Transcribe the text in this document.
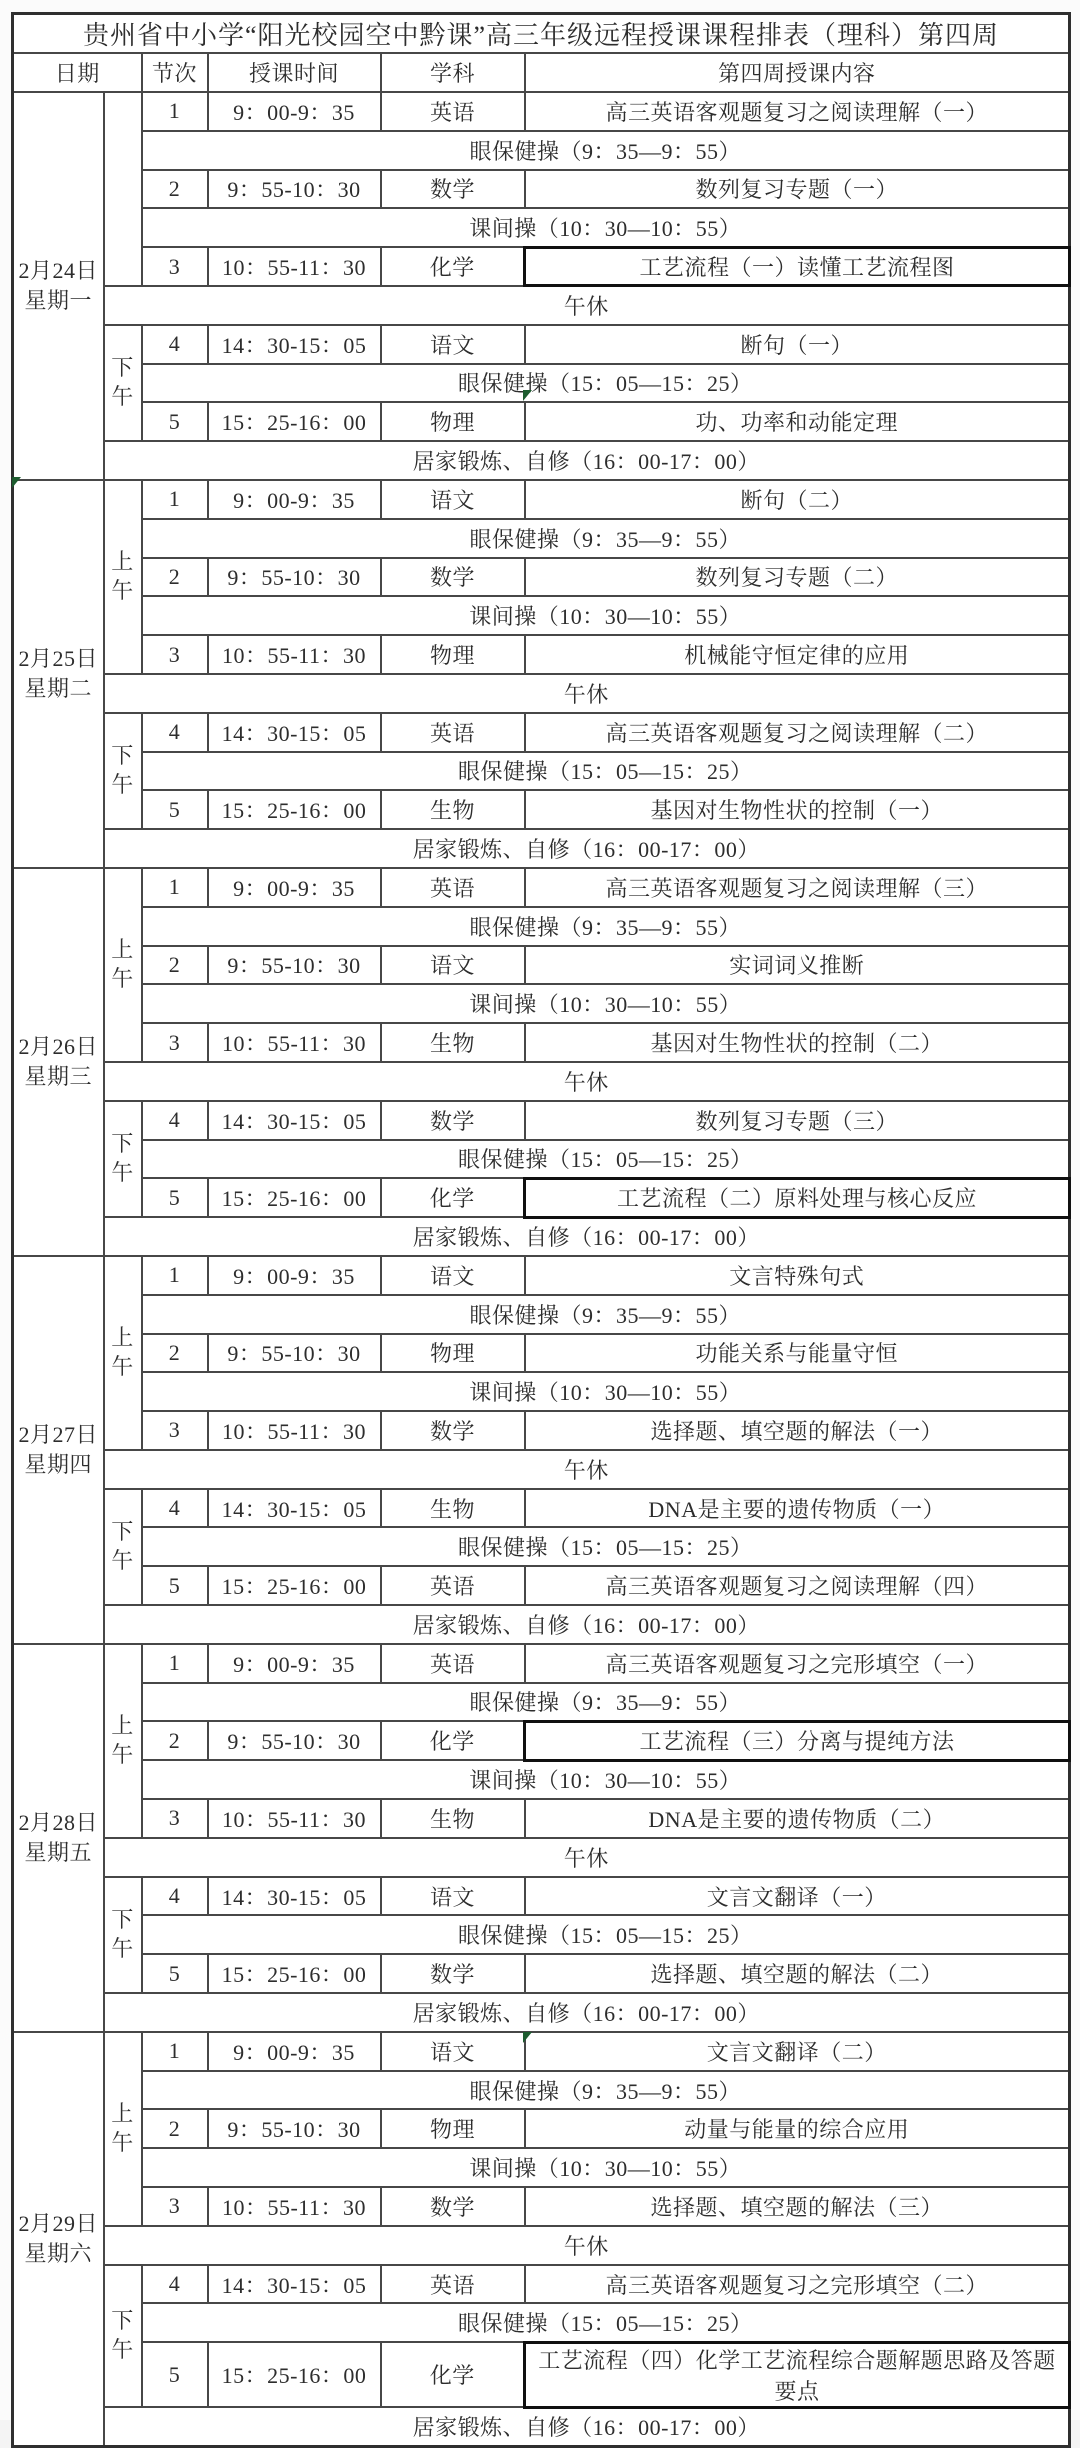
贵州省中小学“阳光校园空中黔课”高三年级远程授课课程排表（理科）第四周					
日期		节次	授课时间	学科	第四周授课内容

2月24日
星期一		1	9：00-9：35	英语	高三英语客观题复习之阅读理解（一）
		眼保健操（9：35—9：55）			
		2	9：55-10：30	数学	数列复习专题（一）
		课间操（10：30—10：55）			
		3	10：55-11：30	化学	工艺流程（一）读懂工艺流程图
	午休				
	下午	4	14：30-15：05	语文	断句（一）
		眼保健操（15：05—15：25）			
		5	15：25-16：00	物理	功、功率和动能定理
	居家锻炼、自修（16：00-17：00）				

2月25日
星期二	上午	1	9：00-9：35	语文	断句（二）
		眼保健操（9：35—9：55）			
		2	9：55-10：30	数学	数列复习专题（二）
		课间操（10：30—10：55）			
		3	10：55-11：30	物理	机械能守恒定律的应用
	午休				
	下午	4	14：30-15：05	英语	高三英语客观题复习之阅读理解（二）
		眼保健操（15：05—15：25）			
		5	15：25-16：00	生物	基因对生物性状的控制（一）
	居家锻炼、自修（16：00-17：00）				

2月26日
星期三	上午	1	9：00-9：35	英语	高三英语客观题复习之阅读理解（三）
		眼保健操（9：35—9：55）			
		2	9：55-10：30	语文	实词词义推断
		课间操（10：30—10：55）			
		3	10：55-11：30	生物	基因对生物性状的控制（二）
	午休				
	下午	4	14：30-15：05	数学	数列复习专题（三）
		眼保健操（15：05—15：25）			
		5	15：25-16：00	化学	工艺流程（二）原料处理与核心反应
	居家锻炼、自修（16：00-17：00）				

2月27日
星期四	上午	1	9：00-9：35	语文	文言特殊句式
		眼保健操（9：35—9：55）			
		2	9：55-10：30	物理	功能关系与能量守恒
		课间操（10：30—10：55）			
		3	10：55-11：30	数学	选择题、填空题的解法（一）
	午休				
	下午	4	14：30-15：05	生物	DNA是主要的遗传物质（一）
		眼保健操（15：05—15：25）			
		5	15：25-16：00	英语	高三英语客观题复习之阅读理解（四）
	居家锻炼、自修（16：00-17：00）				

2月28日
星期五	上午	1	9：00-9：35	英语	高三英语客观题复习之完形填空（一）
		眼保健操（9：35—9：55）			
		2	9：55-10：30	化学	工艺流程（三）分离与提纯方法
		课间操（10：30—10：55）			
		3	10：55-11：30	生物	DNA是主要的遗传物质（二）
	午休				
	下午	4	14：30-15：05	语文	文言文翻译（一）
		眼保健操（15：05—15：25）			
		5	15：25-16：00	数学	选择题、填空题的解法（二）
	居家锻炼、自修（16：00-17：00）				

2月29日
星期六	上午	1	9：00-9：35	语文	文言文翻译（二）
		眼保健操（9：35—9：55）			
		2	9：55-10：30	物理	动量与能量的综合应用
		课间操（10：30—10：55）			
		3	10：55-11：30	数学	选择题、填空题的解法（三）
	午休				
	下午	4	14：30-15：05	英语	高三英语客观题复习之完形填空（二）
		眼保健操（15：05—15：25）			
		5	15：25-16：00	化学	工艺流程（四）化学工艺流程综合题解题思路及答题要点
	居家锻炼、自修（16：00-17：00）				
